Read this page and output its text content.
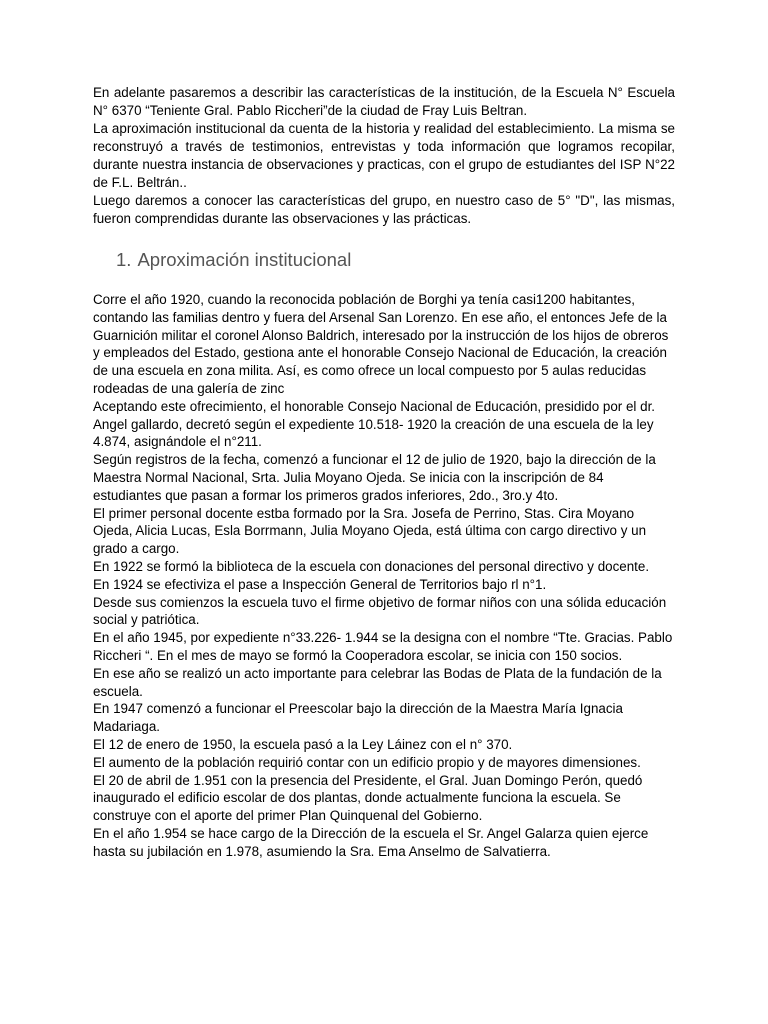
En adelante pasaremos a describir las características de la institución, de la Escuela N° Escuela N° 6370 “Teniente Gral. Pablo Riccheri”de la ciudad de Fray Luis Beltran.

La aproximación institucional da cuenta de la historia y realidad del establecimiento. La misma se reconstruyó a través de testimonios, entrevistas y toda información que logramos recopilar, durante nuestra instancia de observaciones y practicas, con el grupo de estudiantes del ISP N°22 de F.L. Beltrán..

Luego daremos a conocer las características del grupo, en nuestro caso de 5° "D", las mismas, fueron comprendidas durante las observaciones y las prácticas.

1. Aproximación institucional

Corre el año 1920, cuando la reconocida población de Borghi ya tenía casi1200 habitantes, contando las familias dentro y fuera del Arsenal San Lorenzo. En ese año, el entonces Jefe de la Guarnición militar el coronel Alonso Baldrich, interesado por la instrucción de los hijos de obreros y empleados del Estado, gestiona ante el honorable Consejo Nacional de Educación, la creación de una escuela en zona milita. Así, es como ofrece un local compuesto por 5 aulas reducidas rodeadas de una galería de zinc

Aceptando este ofrecimiento, el honorable Consejo Nacional de Educación, presidido por el dr. Angel gallardo, decretó según el expediente 10.518- 1920 la creación de una escuela de la ley 4.874, asignándole el n°211.

Según registros de la fecha, comenzó a funcionar el 12 de julio de 1920, bajo la dirección de la Maestra Normal Nacional, Srta. Julia Moyano Ojeda. Se inicia con la inscripción de 84 estudiantes que pasan a formar los primeros grados inferiores, 2do., 3ro.y 4to.

El primer personal docente estba formado por la Sra. Josefa de Perrino, Stas. Cira Moyano Ojeda, Alicia Lucas, Esla Borrmann, Julia Moyano Ojeda, está última con cargo directivo y un grado a cargo.

En 1922 se formó la biblioteca de la escuela con donaciones del personal directivo y docente.

En 1924 se efectiviza el pase a Inspección General de Territorios bajo rl n°1.

Desde sus comienzos la escuela tuvo el firme objetivo de formar niños con una sólida educación social y patriótica.

En el año 1945, por expediente n°33.226- 1.944 se la designa con el nombre “Tte. Gracias. Pablo Riccheri “. En el mes de mayo se formó la Cooperadora escolar, se inicia con 150 socios.

En ese año se realizó un acto importante para celebrar las Bodas de Plata de la fundación de la escuela.

En 1947 comenzó a funcionar el Preescolar bajo la dirección de la Maestra María Ignacia Madariaga.

El 12 de enero de 1950, la escuela pasó a la Ley Láinez con el n° 370.

El aumento de la población requirió contar con un edificio propio y de mayores dimensiones.

El 20 de abril de 1.951 con la presencia del Presidente, el Gral. Juan Domingo Perón, quedó inaugurado el edificio escolar de dos plantas, donde actualmente funciona la escuela. Se construye con el aporte del primer Plan Quinquenal del Gobierno.

En el año 1.954 se hace cargo de la Dirección de la escuela el Sr. Angel Galarza quien ejerce hasta su jubilación en 1.978, asumiendo la Sra. Ema Anselmo de Salvatierra.
